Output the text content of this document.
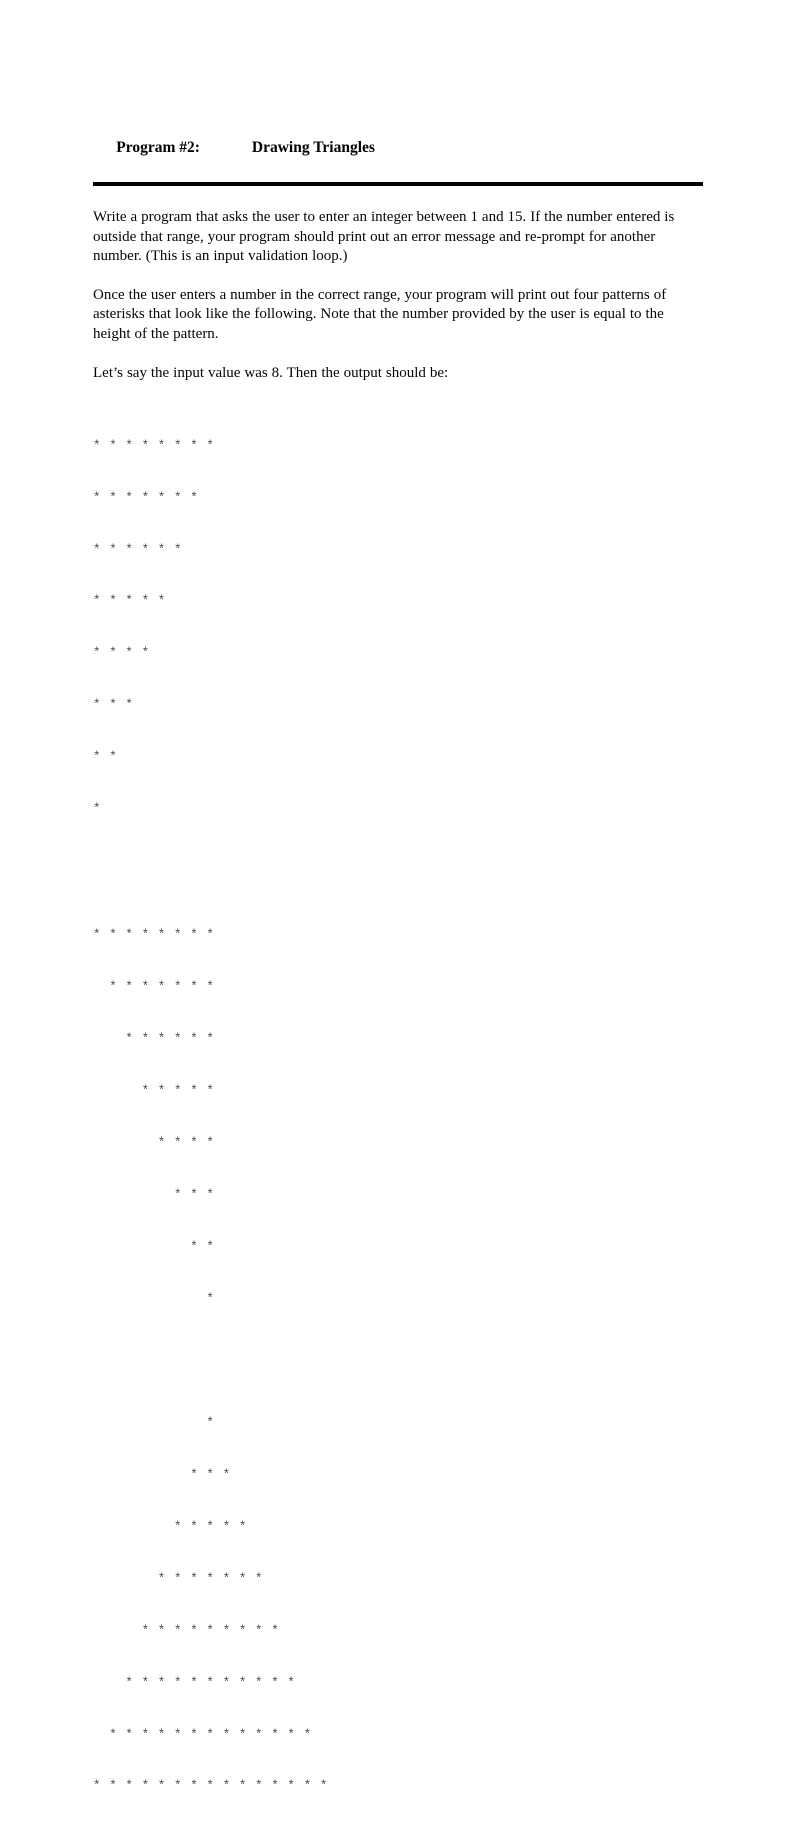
Program #2:	Drawing Triangles

Write a program that asks the user to enter an integer between 1 and 15. If the number entered is outside that range, your program should print out an error message and re-prompt for another number. (This is an input validation loop.)

Once the user enters a number in the correct range, your program will print out four patterns of asterisks that look like the following. Note that the number provided by the user is equal to the height of the pattern.

Let’s say the input value was 8. Then the output should be:

* * * * * * * *

* * * * * * *

* * * * * *

* * * * *

* * * *

* * *

* *

*

* * * * * * * *

* * * * * * *

* * * * * *

* * * * *

* * * *

* * *

* *

*

*

* * *

* * * * *

* * * * * * *

* * * * * * * * *

* * * * * * * * * * *

* * * * * * * * * * * * *

* * * * * * * * * * * * * * *
